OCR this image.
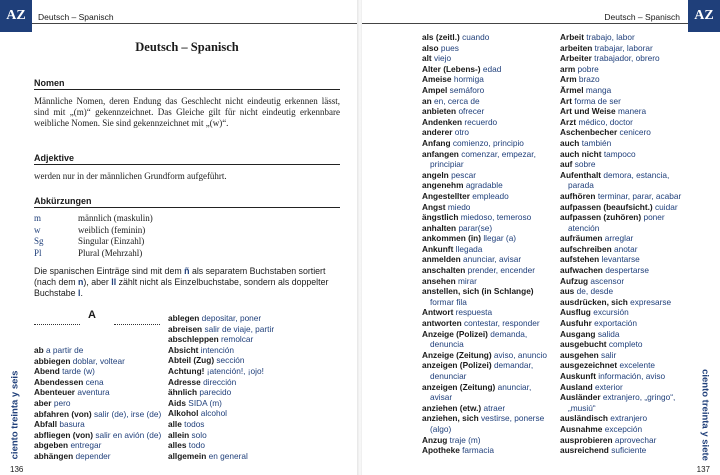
$^{AZ}$	Deutsch – Spanisch
Deutsch – Spanisch
Nomen
Männliche Nomen, deren Endung das Geschlecht nicht eindeutig erkennen lässt, sind mit „(m)“ gekennzeichnet. Das Gleiche gilt für nicht eindeutig erkennbare weibliche Nomen. Sie sind gekennzeichnet mit „(w)“.
Adjektive
werden nur in der männlichen Grundform aufgeführt.
Abkürzungen
m	männlich (maskulin)
w	weiblich (feminin)
Sg	Singular (Einzahl)
Pl	Plural (Mehrzahl)
Die spanischen Einträge sind mit dem ñ als separatem Buchstaben sortiert (nach dem n), aber ll zählt nicht als Einzelbuchstabe, sondern als doppelter Buchstabe l.
A
ab a partir de
abbiegen doblar, voltear
Abend tarde (w)
Abendessen cena
Abenteuer aventura
aber pero
abfahren (von) salir (de), irse (de)
Abfall basura
abfliegen (von) salir en avión (de)
abgeben entregar
abhängen depender
ablegen depositar, poner
abreisen salir de viaje, partir
abschleppen remolcar
Absicht intención
Abteil (Zug) sección
Achtung! ¡atención!, ¡ojo!
Adresse dirección
ähnlich parecido
Aids SIDA (m)
Alkohol alcohol
alle todos
allein solo
alles todo
allgemein en general
ciento treinta y seis
136
$^{AZ}$
Deutsch – Spanisch
als (zeitl.) cuando
also pues
alt viejo
Alter (Lebens-) edad
Ameise hormiga
Ampel semáforo
an en, cerca de
anbieten ofrecer
Andenken recuerdo
anderer otro
Anfang comienzo, principio
anfangen comenzar, empezar,
principiar
angeln pescar
angenehm agradable
Angestellter empleado
Angst miedo
ängstlich miedoso, temeroso
anhalten parar(se)
ankommen (in) llegar (a)
Ankunft llegada
anmelden anunciar, avisar
anschalten prender, encender
ansehen mirar
anstellen, sich (in Schlange)
formar fila
Antwort respuesta
antworten contestar, responder
Anzeige (Polizei) demanda,
denuncia
Anzeige (Zeitung) aviso, anuncio
anzeigen (Polizei) demandar,
denunciar
anzeigen (Zeitung) anunciar,
avisar
anziehen (etw.) atraer
anziehen, sich vestirse, ponerse
(algo)
Anzug traje (m)
Apotheke farmacia
Arbeit trabajo, labor
arbeiten trabajar, laborar
Arbeiter trabajador, obrero
arm pobre
Arm brazo
Ärmel manga
Art forma de ser
Art und Weise manera
Arzt médico, doctor
Aschenbecher cenicero
auch también
auch nicht tampoco
auf sobre
Aufenthalt demora, estancia,
parada
aufhören terminar, parar, acabar
aufpassen (beaufsicht.) cuidar
aufpassen (zuhören) poner
atención
aufräumen arreglar
aufschreiben anotar
aufstehen levantarse
aufwachen despertarse
Aufzug ascensor
aus de, desde
ausdrücken, sich expresarse
Ausflug excursión
Ausfuhr exportación
Ausgang salida
ausgebucht completo
ausgehen salir
ausgezeichnet excelente
Auskunft información, aviso
Ausland exterior
Ausländer extranjero, „gringo“,
„musiú“
ausländisch extranjero
Ausnahme excepción
ausprobieren aprovechar
ausreichend suficiente	ciento treinta y siete
137
